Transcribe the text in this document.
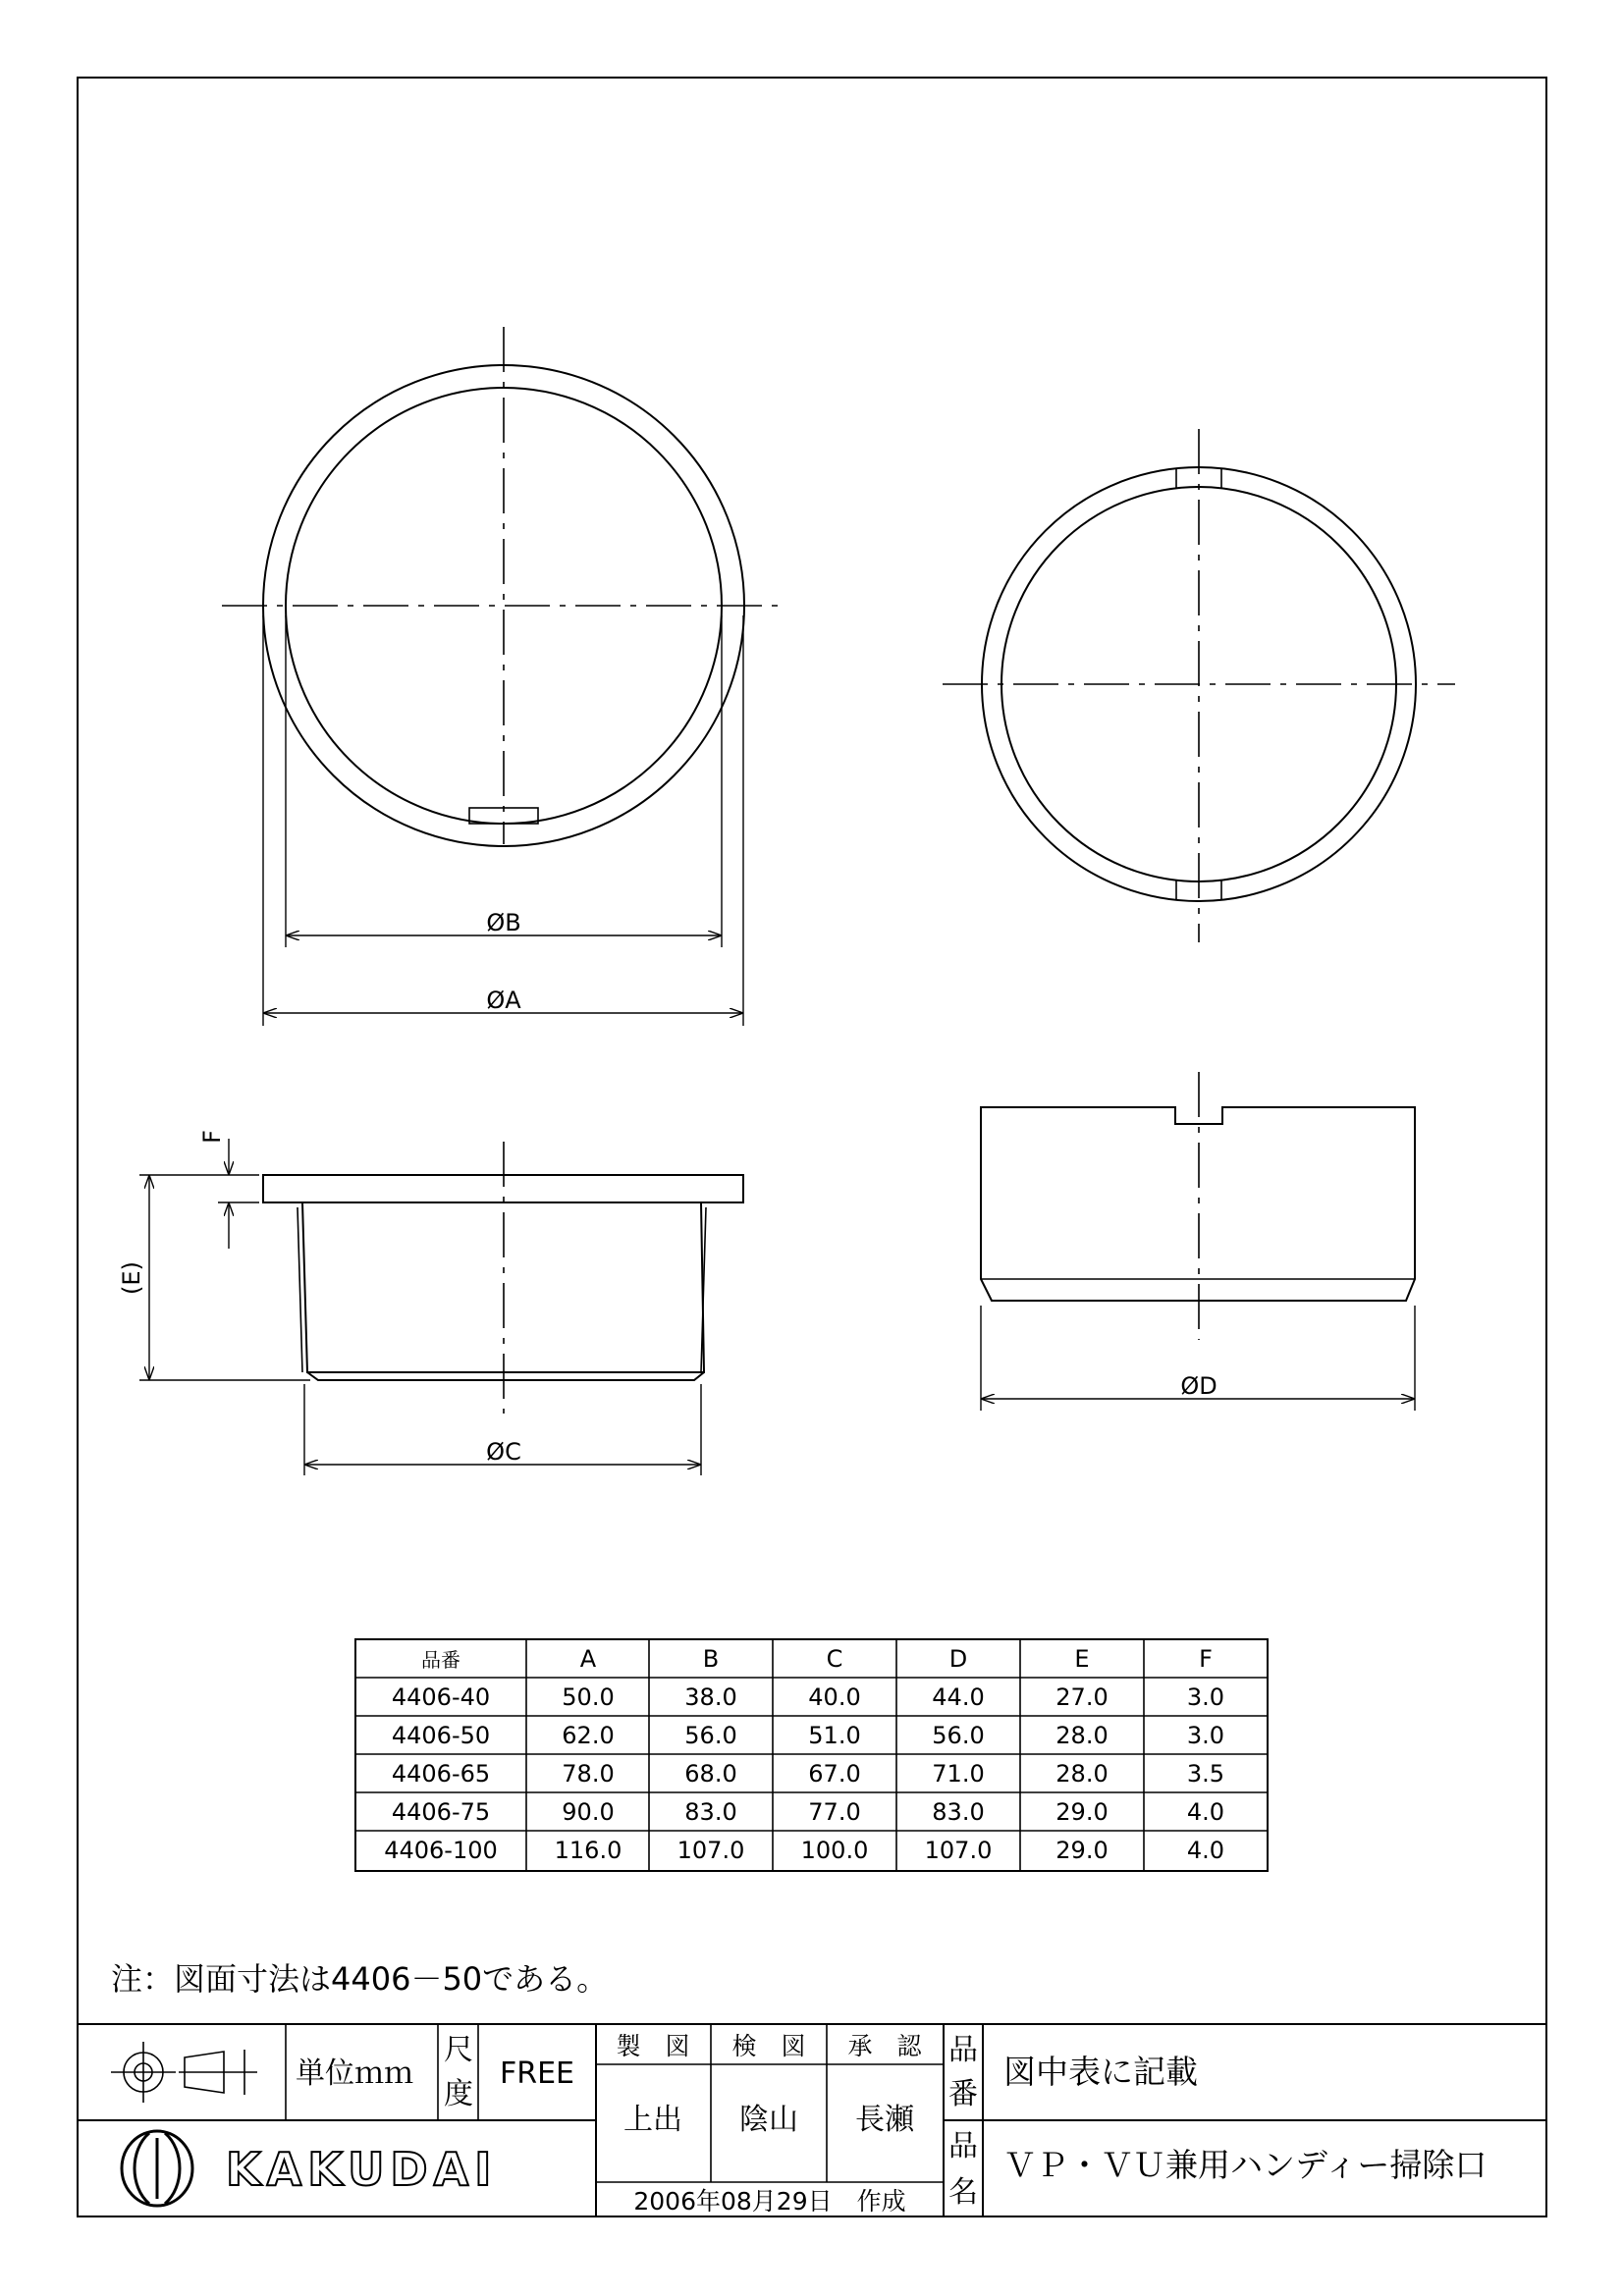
ØB
ØA
(E)
F
ØC
ØD
品番	A	B	C	D	E	F
4406-40	50.0	38.0	40.0	44.0	27.0	3.0
4406-50	62.0	56.0	51.0	56.0	28.0	3.0
4406-65	78.0	68.0	67.0	71.0	28.0	3.5
4406-75	90.0	83.0	77.0	83.0	29.0	4.0
4406-100 116.0 107.0 100.0 107.0	29.0	4.0
注：図面寸法は4406－50である。
単位ｍｍ
尺
度
FREE
製　図 検　図 承　認
上出 陰山 長瀬
2006年08月29日　作成
品
番
図中表に記載
品
名
ＶＰ・ＶＵ兼用ハンディー掃除口
KAKUDAI
